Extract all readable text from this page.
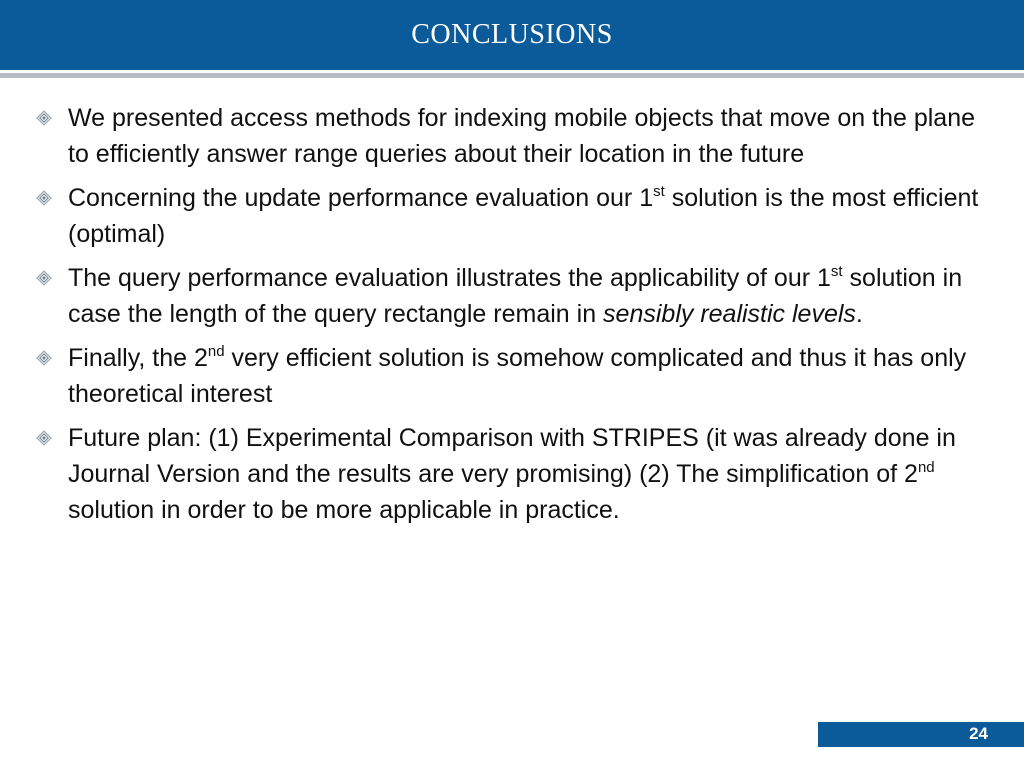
CONCLUSIONS
We presented access methods for indexing mobile objects that move on the plane to efficiently answer range queries about their location in the future
Concerning the update performance evaluation our 1st solution is the most efficient (optimal)
The query performance evaluation illustrates the applicability of our 1st solution in case the length of the query rectangle remain in sensibly realistic levels.
Finally, the 2nd very efficient solution is somehow complicated and thus it has only theoretical interest
Future plan: (1) Experimental Comparison with STRIPES (it was already done in Journal Version and the results are very promising) (2) The simplification of 2nd solution in order to be more applicable in practice.
24
